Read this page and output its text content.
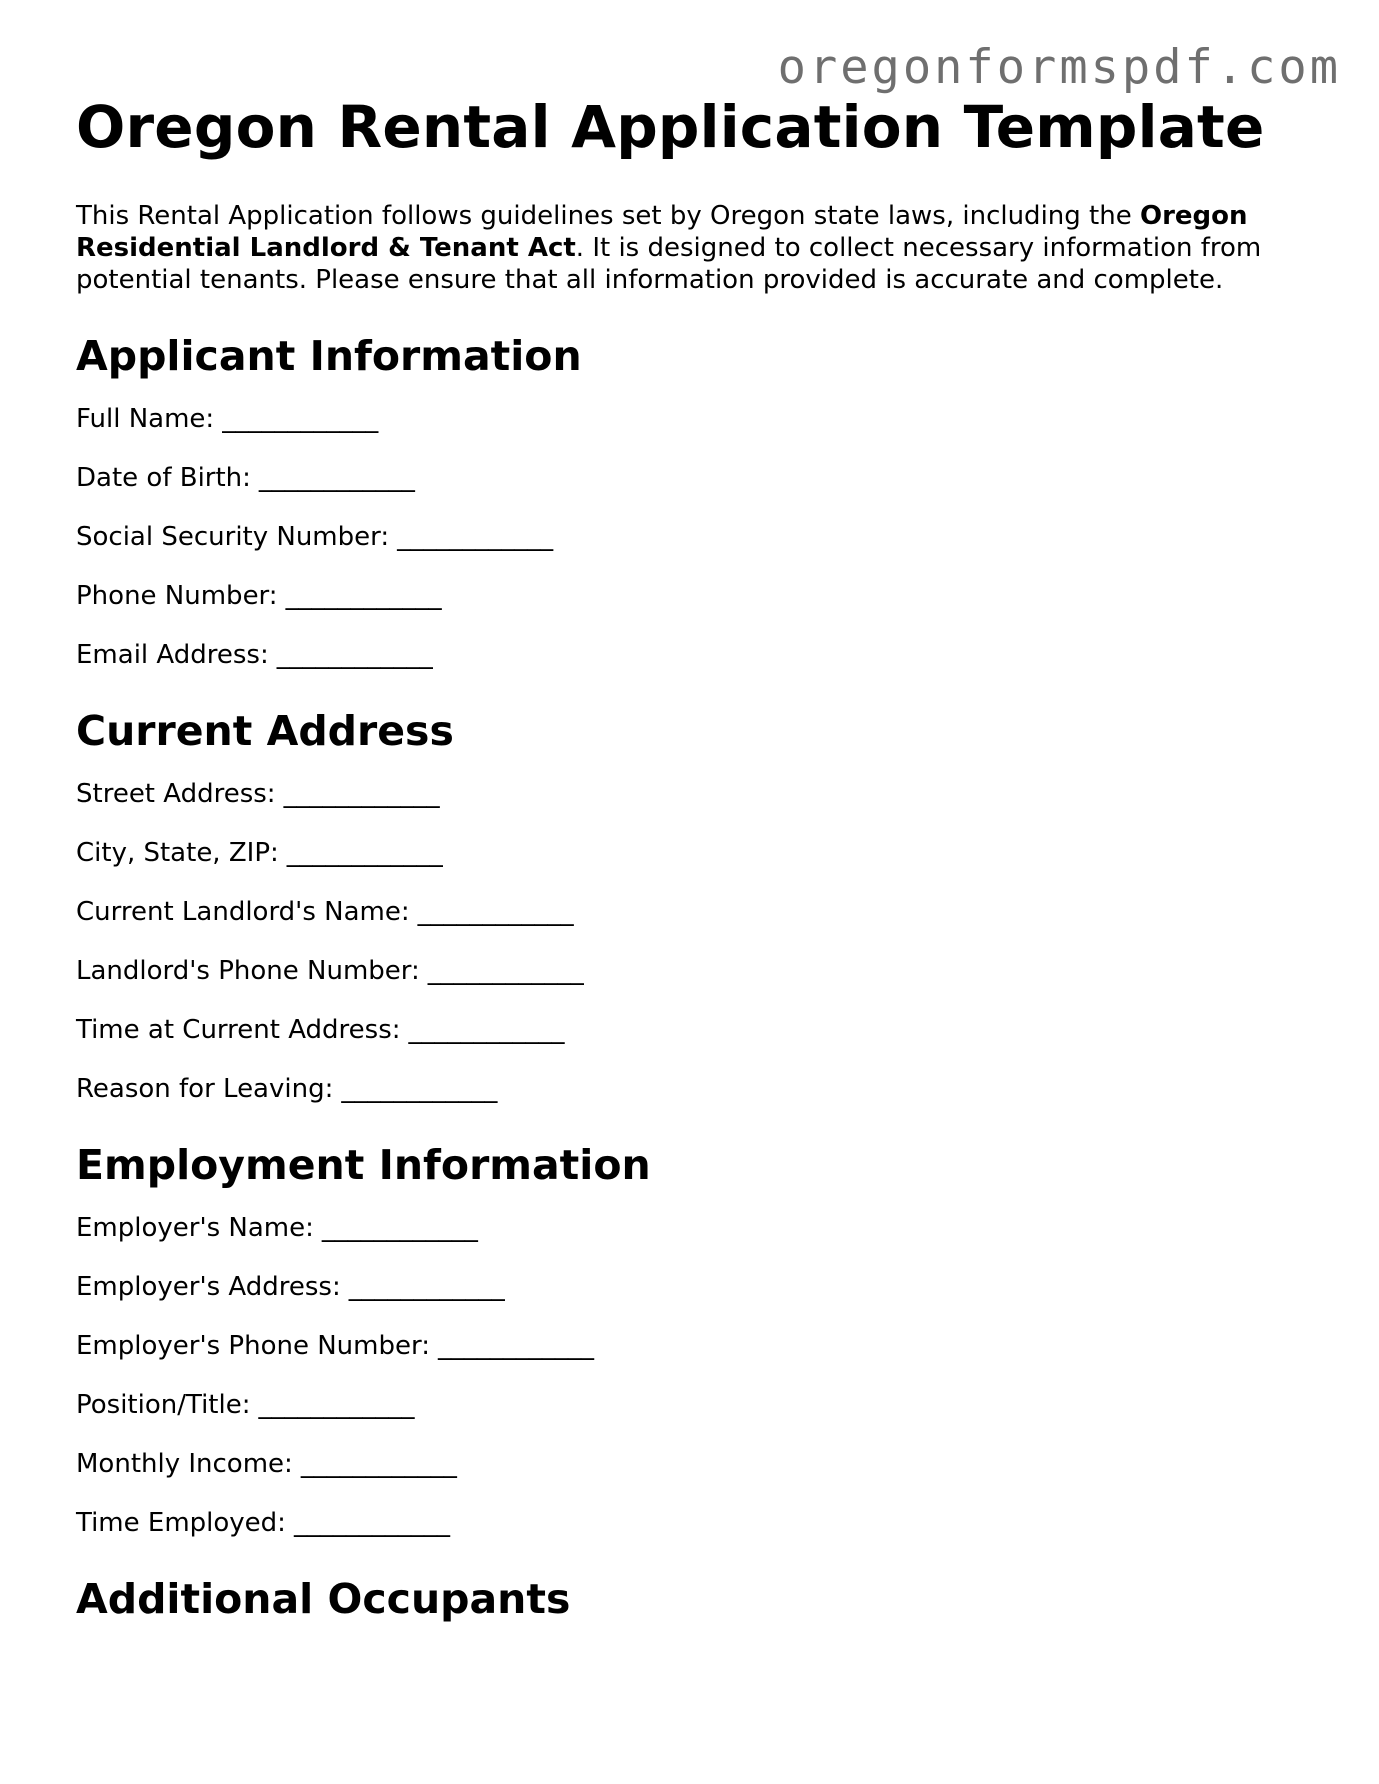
oregonformspdf.com
Oregon Rental Application Template

This Rental Application follows guidelines set by Oregon state laws, including the Oregon Residential Landlord & Tenant Act. It is designed to collect necessary information from potential tenants. Please ensure that all information provided is accurate and complete.

Applicant Information
Full Name: ____________
Date of Birth: ____________
Social Security Number: ____________
Phone Number: ____________
Email Address: ____________
Current Address
Street Address: ____________
City, State, ZIP: ____________
Current Landlord's Name: ____________
Landlord's Phone Number: ____________
Time at Current Address: ____________
Reason for Leaving: ____________
Employment Information
Employer's Name: ____________
Employer's Address: ____________
Employer's Phone Number: ____________
Position/Title: ____________
Monthly Income: ____________
Time Employed: ____________
Additional Occupants
